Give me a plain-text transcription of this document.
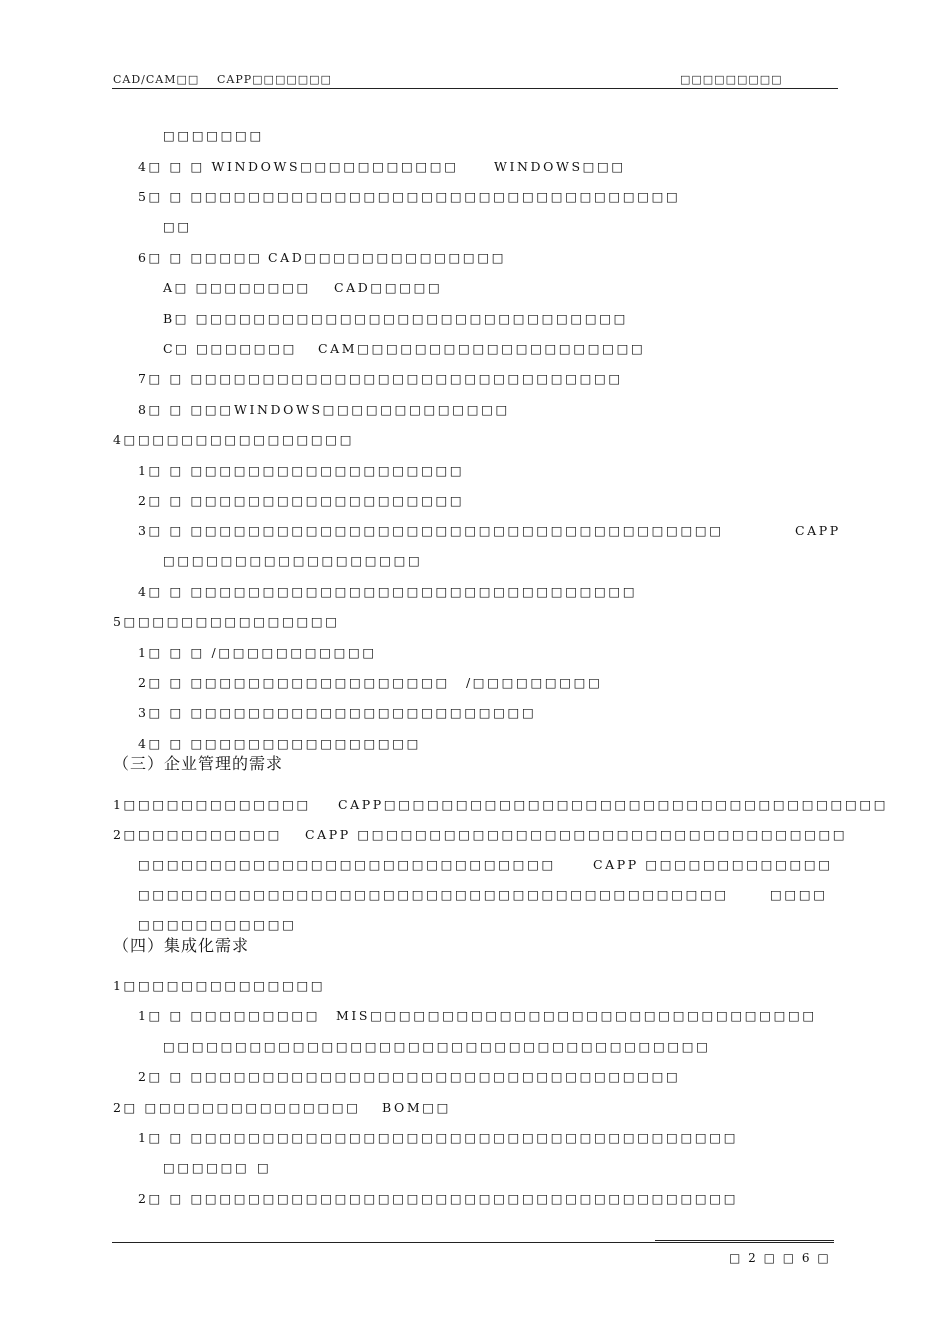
CAD/CAM□□ CAPP□□□□□□□	□□□□□□□□□
□□□□□□□
4□ □ □ WINDOWS□□□□□□□□□□□	WINDOWS□□□
5□ □ □□□□□□□□□□□□□□□□□□□□□□□□□□□□□□□□□□
□□
6□ □ □□□□□ CAD□□□□□□□□□□□□□□
A□ □□□□□□□□ CAD□□□□□
B□ □□□□□□□□□□□□□□□□□□□□□□□□□□□□□□
C□ □□□□□□□ CAM□□□□□□□□□□□□□□□□□□□□
7□ □ □□□□□□□□□□□□□□□□□□□□□□□□□□□□□□
8□ □ □□□ WINDOWS□□□□□□□□□□□□□
4□□□□□□□□□□□□□□□□
1□ □ □□□□□□□□□□□□□□□□□□□
2□ □ □□□□□□□□□□□□□□□□□□□
3□ □ □□□□□□□□□□□□□□□□□□□□□□□□□□□□□□□□□□□□□	CAPP
□□□□□□□□□□□□□□□□□□
4□ □ □□□□□□□□□□□□□□□□□□□□□□□□□□□□□□□
5□□□□□□□□□□□□□□□
1□ □ □ /□□□□□□□□□□□
2□ □ □□□□□□□□□□□□□□□□□□ /□□□□□□□□□
3□ □ □□□□□□□□□□□□□□□□□□□□□□□□
4□ □ □□□□□□□□□□□□□□□□
（三）企业管理的需求
1□□□□□□□□□□□□□ CAPP□□□□□□□□□□□□□□□□□□□□□□□□□□□□□□□□□□□
2□□□□□□□□□□□ CAPP □□□□□□□□□□□□□□□□□□□□□□□□□□□□□□□□□□
□□□□□□□□□□□□□□□□□□□□□□□□□□□□□	CAPP □□□□□□□□□□□□□
□□□□□□□□□□□□□□□□□□□□□□□□□□□□□□□□□□□□□□□□□	□□□□
□□□□□□□□□□□
（四）集成化需求
1□□□□□□□□□□□□□□
1□ □ □□□□□□□□□ MIS□□□□□□□□□□□□□□□□□□□□□□□□□□□□□□□
□□□□□□□□□□□□□□□□□□□□□□□□□□□□□□□□□□□□□□
2□ □ □□□□□□□□□□□□□□□□□□□□□□□□□□□□□□□□□□
2□ □□□□□□□□□□□□□□□ BOM□□
1□ □ □□□□□□□□□□□□□□□□□□□□□□□□□□□□□□□□□□□□□□
□□□□□□ □
2□ □ □□□□□□□□□□□□□□□□□□□□□□□□□□□□□□□□□□□□□□
□ 2 □ □ 6 □
